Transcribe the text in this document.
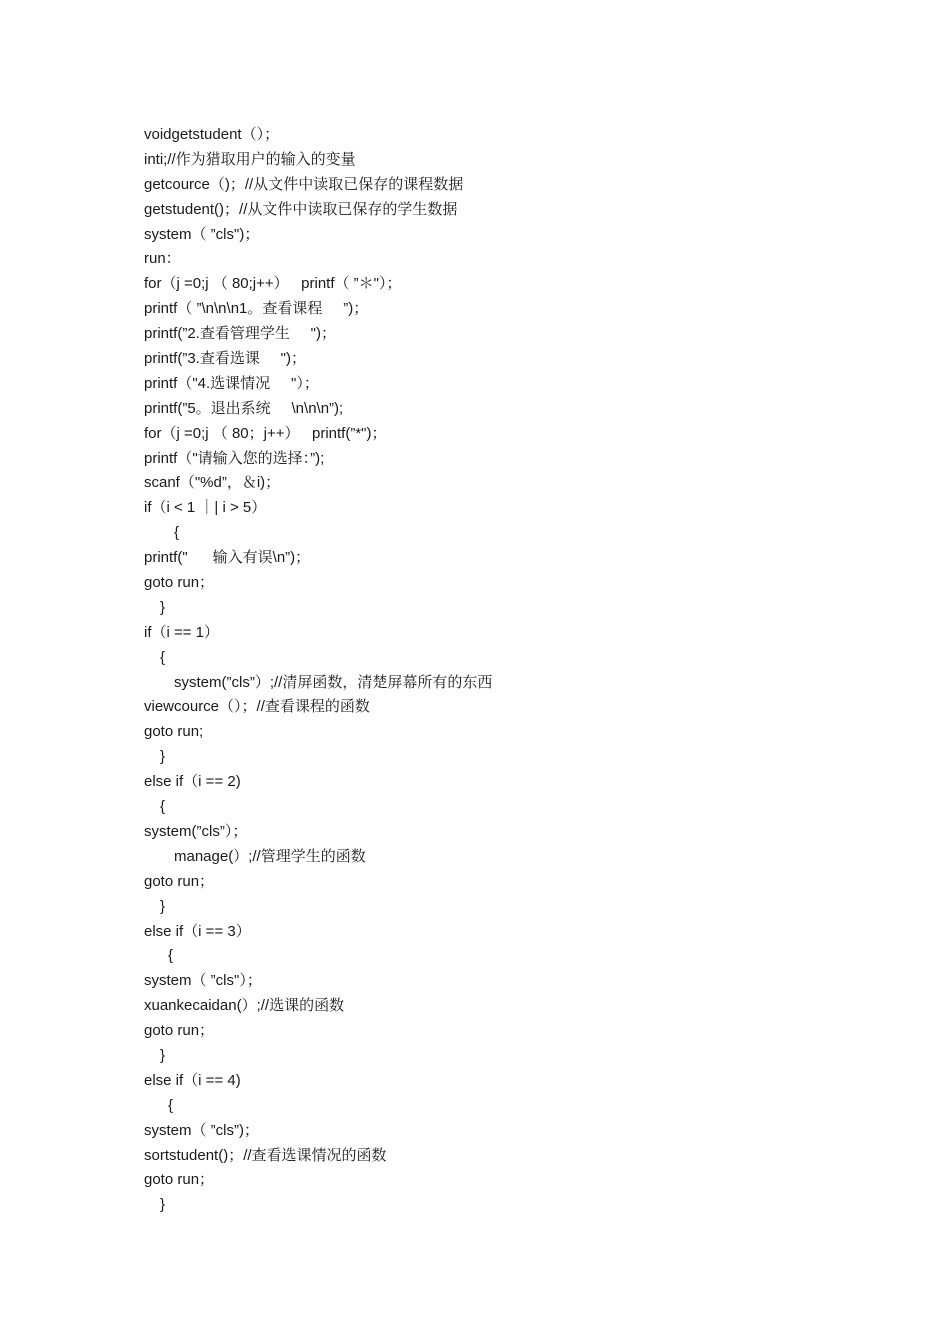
voidgetstudent（）；
inti;//作为猎取用户的输入的变量
getcource（)；//从文件中读取已保存的课程数据
getstudent()；//从文件中读取已保存的学生数据
system（ ”cls")；
run：
for（j =0;j （ 80;j++）   printf（ ”＊"）；
printf（ ”\n\n\n1。查看课程     ”)；
printf(”2.查看管理学生     ")；
printf(”3.查看选课     ")；
printf（"4.选课情况     "）；
printf(”5。退出系统     \n\n\n”);
for（j =0;j （ 80；j++）   printf(”*")；
printf（"请输入您的选择：”);
scanf（"%d”，＆i)；
if（i < 1 ｜| i > 5）
{
printf("      输入有误\n”)；
goto run；
}
if（i == 1）
{
system(”cls”）;//清屏函数，清楚屏幕所有的东西
viewcource（）；//查看课程的函数
goto run;
}
else if（i == 2)
{
system(”cls”）；
manage(）;//管理学生的函数
goto run；
}
else if（i == 3）
{
system（ ”cls"）；
xuankecaidan(）;//选课的函数
goto run；
}
else if（i == 4)
{
system（ ”cls”)；
sortstudent()；//查看选课情况的函数
goto run；
}
